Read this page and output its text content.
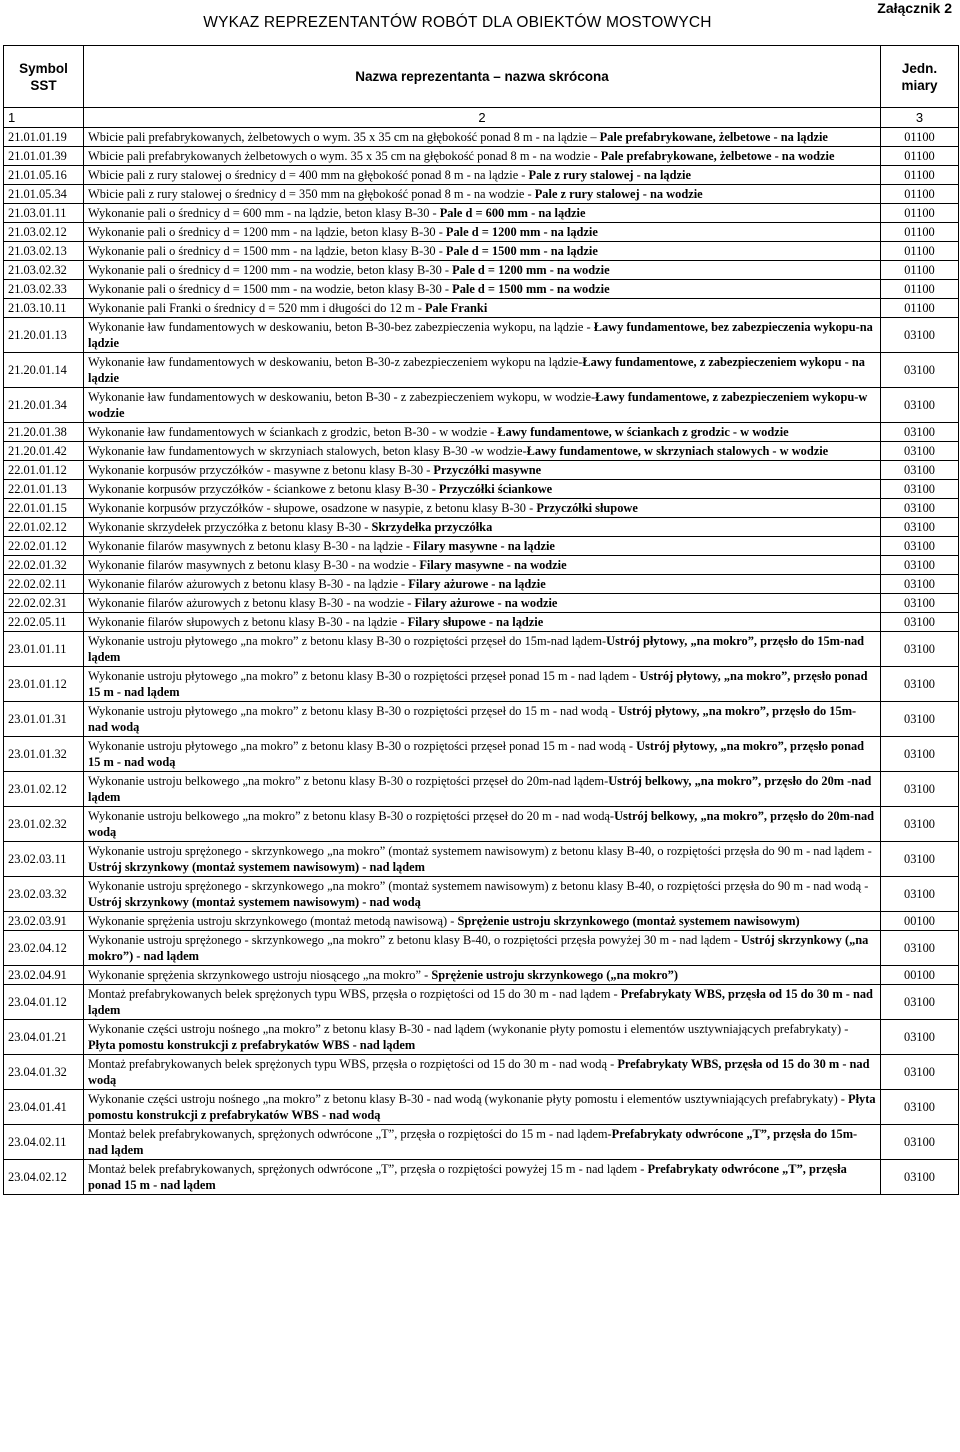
WYKAZ REPREZENTANTÓW ROBÓT DLA OBIEKTÓW MOSTOWYCH
Załącznik 2
Symbol SST	Nazwa reprezentanta – nazwa skrócona	Jedn. miary
1	2	3
21.01.01.19	Wbicie pali prefabrykowanych, żelbetowych o wym. 35 x 35 cm na głębokość ponad 8 m - na lądzie – Pale prefabrykowane, żelbetowe - na lądzie	01100
21.01.01.39	Wbicie pali prefabrykowanych żelbetowych o wym. 35 x 35 cm na głębokość ponad 8 m - na wodzie - Pale prefabrykowane, żelbetowe - na wodzie	01100
21.01.05.16	Wbicie pali z rury stalowej o średnicy d = 400 mm na głębokość ponad 8 m - na lądzie - Pale z rury stalowej - na lądzie	01100
21.01.05.34	Wbicie pali z rury stalowej o średnicy d = 350 mm na głębokość ponad 8 m - na wodzie - Pale z rury stalowej - na wodzie	01100
21.03.01.11	Wykonanie pali o średnicy d = 600 mm - na lądzie, beton klasy B-30 - Pale d = 600 mm - na lądzie	01100
21.03.02.12	Wykonanie pali o średnicy d = 1200 mm - na lądzie, beton klasy B-30 - Pale d = 1200 mm - na lądzie	01100
21.03.02.13	Wykonanie pali o średnicy d = 1500 mm - na lądzie, beton klasy B-30 - Pale d = 1500 mm - na lądzie	01100
21.03.02.32	Wykonanie pali o średnicy d = 1200 mm - na wodzie, beton klasy B-30 - Pale d = 1200 mm - na wodzie	01100
21.03.02.33	Wykonanie pali o średnicy d = 1500 mm - na wodzie, beton klasy B-30 - Pale d = 1500 mm - na wodzie	01100
21.03.10.11	Wykonanie pali Franki o średnicy d = 520 mm i długości do 12 m - Pale Franki	01100
21.20.01.13	Wykonanie ław fundamentowych w deskowaniu, beton B-30-bez zabezpieczenia wykopu, na lądzie - Ławy fundamentowe, bez zabezpieczenia wykopu-na lądzie	03100
21.20.01.14	Wykonanie ław fundamentowych w deskowaniu, beton B-30-z zabezpieczeniem wykopu na lądzie-Ławy fundamentowe, z zabezpieczeniem wykopu - na lądzie	03100
21.20.01.34	Wykonanie ław fundamentowych w deskowaniu, beton B-30 - z zabezpieczeniem wykopu, w wodzie-Ławy fundamentowe, z zabezpieczeniem wykopu-w wodzie	03100
21.20.01.38	Wykonanie ław fundamentowych w ściankach z grodzic, beton B-30 - w wodzie - Ławy fundamentowe, w ściankach z grodzic - w wodzie	03100
21.20.01.42	Wykonanie ław fundamentowych w skrzyniach stalowych, beton klasy B-30 -w wodzie-Ławy fundamentowe, w skrzyniach stalowych - w wodzie	03100
22.01.01.12	Wykonanie korpusów przyczółków - masywne z betonu klasy B-30 - Przyczółki masywne	03100
22.01.01.13	Wykonanie korpusów przyczółków - ściankowe z betonu klasy B-30 - Przyczółki ściankowe	03100
22.01.01.15	Wykonanie korpusów przyczółków - słupowe, osadzone w nasypie, z betonu klasy B-30 - Przyczółki słupowe	03100
22.01.02.12	Wykonanie skrzydełek przyczółka z betonu klasy B-30 - Skrzydełka przyczółka	03100
22.02.01.12	Wykonanie filarów masywnych z betonu klasy B-30 - na lądzie - Filary masywne - na lądzie	03100
22.02.01.32	Wykonanie filarów masywnych z betonu klasy B-30 - na wodzie - Filary masywne - na wodzie	03100
22.02.02.11	Wykonanie filarów ażurowych z betonu klasy B-30 - na lądzie - Filary ażurowe - na lądzie	03100
22.02.02.31	Wykonanie filarów ażurowych z betonu klasy B-30 - na wodzie - Filary ażurowe - na wodzie	03100
22.02.05.11	Wykonanie filarów słupowych z betonu klasy B-30 - na lądzie - Filary słupowe - na lądzie	03100
23.01.01.11	Wykonanie ustroju płytowego „na mokro” z betonu klasy B-30 o rozpiętości przęseł do 15m-nad lądem-Ustrój płytowy, „na mokro”, przęsło do 15m-nad lądem	03100
23.01.01.12	Wykonanie ustroju płytowego „na mokro” z betonu klasy B-30 o rozpiętości przęseł ponad 15 m - nad lądem - Ustrój płytowy, „na mokro”, przęsło ponad 15 m - nad lądem	03100
23.01.01.31	Wykonanie ustroju płytowego „na mokro” z betonu klasy B-30 o rozpiętości przęseł do 15 m - nad wodą - Ustrój płytowy, „na mokro”, przęsło do 15m-nad wodą	03100
23.01.01.32	Wykonanie ustroju płytowego „na mokro” z betonu klasy B-30 o rozpiętości przęseł ponad 15 m - nad wodą - Ustrój płytowy, „na mokro”, przęsło ponad 15 m - nad wodą	03100
23.01.02.12	Wykonanie ustroju belkowego „na mokro” z betonu klasy B-30 o rozpiętości przęseł do 20m-nad lądem-Ustrój belkowy, „na mokro”, przęsło do 20m -nad lądem	03100
23.01.02.32	Wykonanie ustroju belkowego „na mokro” z betonu klasy B-30 o rozpiętości przęseł do 20 m - nad wodą-Ustrój belkowy, „na mokro”, przęsło do 20m-nad wodą	03100
23.02.03.11	Wykonanie ustroju sprężonego - skrzynkowego „na mokro” (montaż systemem nawisowym) z betonu klasy B-40, o rozpiętości przęsła do 90 m - nad lądem - Ustrój skrzynkowy (montaż systemem nawisowym) - nad lądem	03100
23.02.03.32	Wykonanie ustroju sprężonego - skrzynkowego „na mokro” (montaż systemem nawisowym) z betonu klasy B-40, o rozpiętości przęsła do 90 m - nad wodą - Ustrój skrzynkowy (montaż systemem nawisowym) - nad wodą	03100
23.02.03.91	Wykonanie sprężenia ustroju skrzynkowego (montaż metodą nawisową) - Sprężenie ustroju skrzynkowego (montaż systemem nawisowym)	00100
23.02.04.12	Wykonanie ustroju sprężonego - skrzynkowego „na mokro” z betonu klasy B-40, o rozpiętości przęsła powyżej 30 m - nad lądem - Ustrój skrzynkowy („na mokro”) - nad lądem	03100
23.02.04.91	Wykonanie sprężenia skrzynkowego ustroju niosącego „na mokro” - Sprężenie ustroju skrzynkowego („na mokro”)	00100
23.04.01.12	Montaż prefabrykowanych belek sprężonych typu WBS, przęsła o rozpiętości od 15 do 30 m - nad lądem - Prefabrykaty WBS, przęsła od 15 do 30 m - nad lądem	03100
23.04.01.21	Wykonanie części ustroju nośnego „na mokro” z betonu klasy B-30 - nad lądem (wykonanie płyty pomostu i elementów usztywniających prefabrykaty) - Płyta pomostu konstrukcji z prefabrykatów WBS - nad lądem	03100
23.04.01.32	Montaż prefabrykowanych belek sprężonych typu WBS, przęsła o rozpiętości od 15 do 30 m - nad wodą - Prefabrykaty WBS, przęsła od 15 do 30 m - nad wodą	03100
23.04.01.41	Wykonanie części ustroju nośnego „na mokro” z betonu klasy B-30 - nad wodą (wykonanie płyty pomostu i elementów usztywniających prefabrykaty) - Płyta pomostu konstrukcji z prefabrykatów WBS - nad wodą	03100
23.04.02.11	Montaż belek prefabrykowanych, sprężonych odwrócone „T”, przęsła o rozpiętości do 15 m - nad lądem-Prefabrykaty odwrócone „T”, przęsła do 15m-nad lądem	03100
23.04.02.12	Montaż belek prefabrykowanych, sprężonych odwrócone „T”, przęsła o rozpiętości powyżej 15 m - nad lądem - Prefabrykaty odwrócone „T”, przęsła ponad 15 m - nad lądem	03100
